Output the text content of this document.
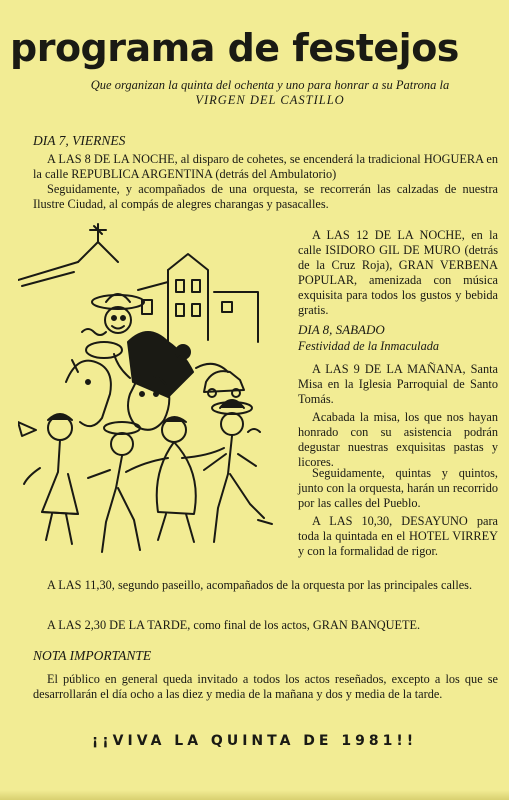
programa de festejos
Que organizan la quinta del ochenta y uno para honrar a su Patrona la
VIRGEN DEL CASTILLO
DIA 7, VIERNES
A LAS 8 DE LA NOCHE, al disparo de cohetes, se encenderá la tradicional HOGUERA en la calle REPUBLICA ARGENTINA (detrás del Ambulatorio)
Seguidamente, y acompañados de una orquesta, se recorrerán las calzadas de nuestra Ilustre Ciudad, al compás de alegres charangas y pasacalles.
A LAS 12 DE LA NOCHE, en la calle ISIDORO GIL DE MURO (detrás de la Cruz Roja), GRAN VERBENA POPULAR, amenizada con música exquisita para todos los gustos y bebida gratis.
DIA 8, SABADO
Festividad de la Inmaculada
A LAS 9 DE LA MAÑANA, Santa Misa en la Iglesia Parroquial de Santo Tomás.
Acabada la misa, los que nos hayan honrado con su asistencia podrán degustar nuestras exquisitas pastas y licores.
Seguidamente, quintas y quintos, junto con la orquesta, harán un recorrido por las calles del Pueblo.
A LAS 10,30, DESAYUNO para toda la quintada en el HOTEL VIRREY y con la formalidad de rigor.
A LAS 11,30, segundo paseillo, acompañados de la orquesta por las principales calles.
A LAS 2,30 DE LA TARDE, como final de los actos, GRAN BANQUETE.
NOTA IMPORTANTE
El público en general queda invitado a todos los actos reseñados, excepto a los que se desarrollarán el día ocho a las diez y media de la mañana y dos y media de la tarde.
¡¡VIVA LA QUINTA DE 1981!!
